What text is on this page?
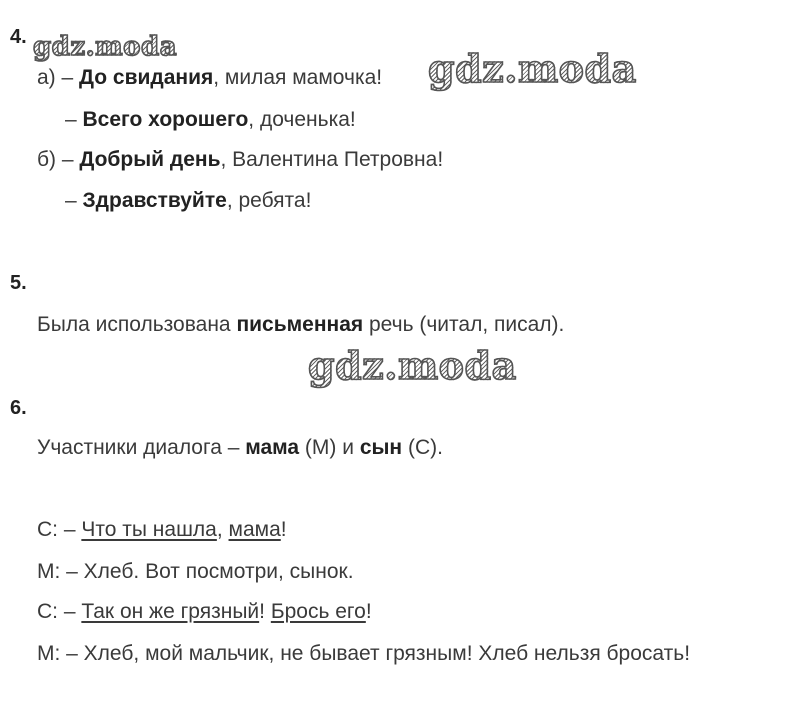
4. gdz.moda
а) – До свидания, милая мамочка! gdz.moda
– Всего хорошего, доченька!
б) – Добрый день, Валентина Петровна!
– Здравствуйте, ребята!
5.
Была использована письменная речь (читал, писал).
gdz.moda
6.
Участники диалога – мама (М) и сын (С).
С: – Что ты нашла, мама!
М: – Хлеб. Вот посмотри, сынок.
С: – Так он же грязный! Брось его!
М: – Хлеб, мой мальчик, не бывает грязным! Хлеб нельзя бросать!
